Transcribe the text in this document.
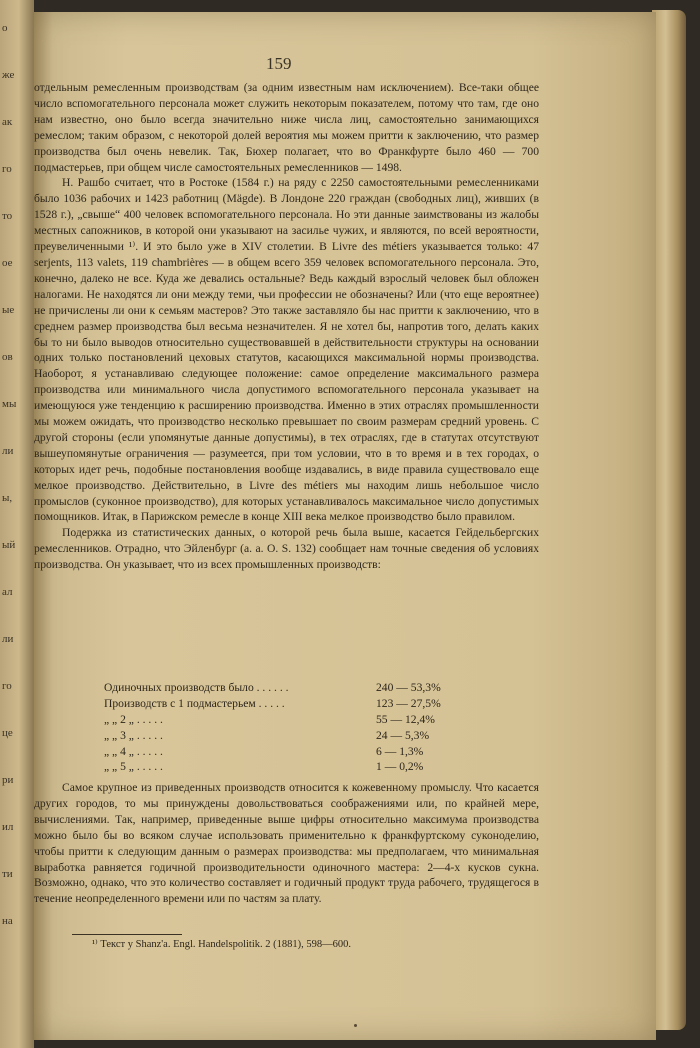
о
же
ак
го
то
ое
ые
ов
мы
ли
ы,
ый
ал
ли
го
це
ри
ил
ти
на
159

отдельным ремесленным производствам (за одним известным нам исключением). Все-таки общее число вспомогательного персонала может служить некоторым показателем, потому что там, где оно нам известно, оно было всегда значительно ниже числа лиц, самостоятельно занимающихся ремеслом; таким образом, с некоторой долей вероятия мы можем притти к заключению, что размер производства был очень невелик. Так, Бюхер полагает, что во Франкфурте было 460 — 700 подмастерьев, при общем числе самостоятельных ремесленников — 1498.

Н. Рашбо считает, что в Ростоке (1584 г.) на ряду с 2250 самостоятельными ремесленниками было 1036 рабочих и 1423 работниц (Mägde). В Лондоне 220 граждан (свободных лиц), живших (в 1528 г.), „свыше“ 400 человек вспомогательного персонала. Но эти данные заимствованы из жалобы местных сапожников, в которой они указывают на засилье чужих, и являются, по всей вероятности, преувеличенными ¹⁾. И это было уже в XIV столетии. В Livre des métiers указывается только: 47 serjents, 113 valets, 119 chambrières — в общем всего 359 человек вспомогательного персонала. Это, конечно, далеко не все. Куда же девались остальные? Ведь каждый взрослый человек был обложен налогами. Не находятся ли они между теми, чьи профессии не обозначены? Или (что еще вероятнее) не причислены ли они к семьям мастеров? Это также заставляло бы нас притти к заключению, что в среднем размер производства был весьма незначителен. Я не хотел бы, напротив того, делать каких бы то ни было выводов относительно существовавшей в действительности структуры на основании одних только постановлений цеховых статутов, касающихся максимальной нормы производства. Наоборот, я устанавливаю следующее положение: самое определение максимального размера производства или минимального числа допустимого вспомогательного персонала указывает на имеющуюся уже тенденцию к расширению производства. Именно в этих отраслях промышленности мы можем ожидать, что производство несколько превышает по своим размерам средний уровень. С другой стороны (если упомянутые данные допустимы), в тех отраслях, где в статутах отсутствуют вышеупомянутые ограничения — разумеется, при том условии, что в то время и в тех городах, о которых идет речь, подобные постановления вообще издавались, в виде правила существовало еще мелкое производство. Действительно, в Livre des métiers мы находим лишь небольшое число промыслов (суконное производство), для которых устанавливалось максимальное число допустимых помощников. Итак, в Парижском ремесле в конце XIII века мелкое производство было правилом.

Подержка из статистических данных, о которой речь была выше, касается Гейдельбергских ремесленников. Отрадно, что Эйленбург (а. а. О. S. 132) сообщает нам точные сведения об условиях производства. Он указывает, что из всех промышленных производств:

Одиночных производств было . . . . . .	240 — 53,3%
Производств с 1 подмастерьем . . . . .	123 — 27,5%
„ „ 2 „ . . . . .	55 — 12,4%
„ „ 3 „ . . . . .	24 — 5,3%
„ „ 4 „ . . . . .	6 — 1,3%
„ „ 5 „ . . . . .	1 — 0,2%

Самое крупное из приведенных производств относится к кожевенному промыслу. Что касается других городов, то мы принуждены довольствоваться соображениями или, по крайней мере, вычислениями. Так, например, приведенные выше цифры относительно максимума производства можно было бы во всяком случае использовать применительно к франкфуртскому суконоделию, чтобы притти к следующим данным о размерах производства: мы предполагаем, что минимальная выработка равняется годичной производительности одиночного мастера: 2—4-х кусков сукна. Возможно, однако, что это количество составляет и годичный продукт труда рабочего, трудящегося в течение неопределенного времени или по частям за плату.

¹⁾ Текст у Shanz'а. Engl. Handelspolitik. 2 (1881), 598—600.
